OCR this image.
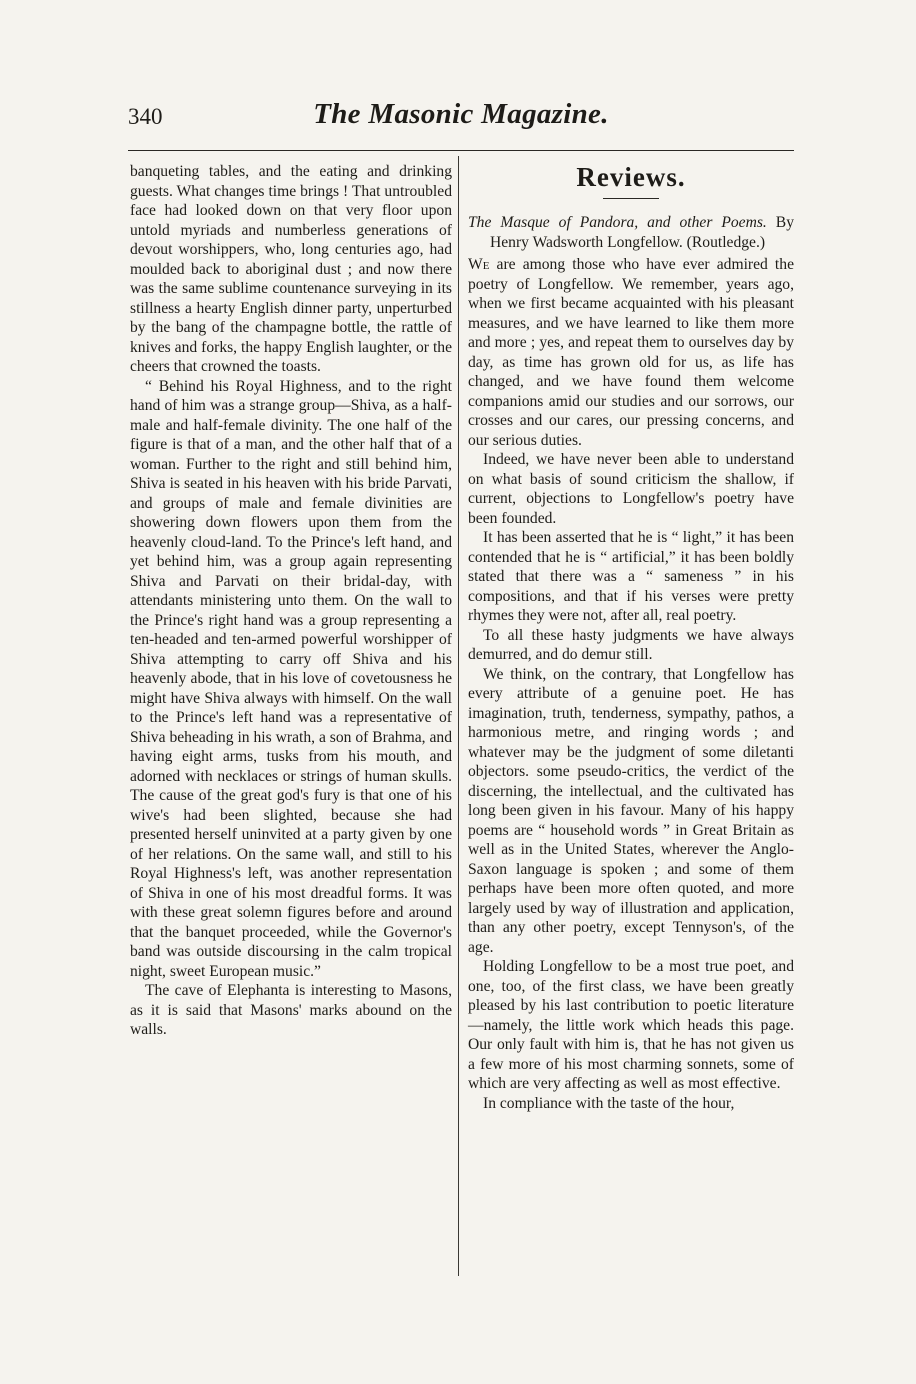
340	The Masonic Magazine.

banqueting tables, and the eating and drinking guests. What changes time brings ! That untroubled face had looked down on that very floor upon untold myriads and numberless generations of devout worshippers, who, long centuries ago, had moulded back to aboriginal dust ; and now there was the same sublime countenance surveying in its stillness a hearty English dinner party, unperturbed by the bang of the champagne bottle, the rattle of knives and forks, the happy English laughter, or the cheers that crowned the toasts.

“ Behind his Royal Highness, and to the right hand of him was a strange group—Shiva, as a half-male and half-female divinity. The one half of the figure is that of a man, and the other half that of a woman. Further to the right and still behind him, Shiva is seated in his heaven with his bride Parvati, and groups of male and female divinities are showering down flowers upon them from the heavenly cloud-land. To the Prince's left hand, and yet behind him, was a group again representing Shiva and Parvati on their bridal-day, with attendants ministering unto them. On the wall to the Prince's right hand was a group representing a ten-headed and ten-armed powerful worshipper of Shiva attempting to carry off Shiva and his heavenly abode, that in his love of covetousness he might have Shiva always with himself. On the wall to the Prince's left hand was a representative of Shiva beheading in his wrath, a son of Brahma, and having eight arms, tusks from his mouth, and adorned with necklaces or strings of human skulls. The cause of the great god's fury is that one of his wive's had been slighted, because she had presented herself uninvited at a party given by one of her relations. On the same wall, and still to his Royal Highness's left, was another representation of Shiva in one of his most dreadful forms. It was with these great solemn figures before and around that the banquet proceeded, while the Governor's band was outside discoursing in the calm tropical night, sweet European music.”

The cave of Elephanta is interesting to Masons, as it is said that Masons' marks abound on the walls.

Reviews.

The Masque of Pandora, and other Poems. By Henry Wadsworth Longfellow. (Routledge.)

We are among those who have ever admired the poetry of Longfellow. We remember, years ago, when we first became acquainted with his pleasant measures, and we have learned to like them more and more ; yes, and repeat them to ourselves day by day, as time has grown old for us, as life has changed, and we have found them welcome companions amid our studies and our sorrows, our crosses and our cares, our pressing concerns, and our serious duties.

Indeed, we have never been able to understand on what basis of sound criticism the shallow, if current, objections to Longfellow's poetry have been founded.

It has been asserted that he is “ light,” it has been contended that he is “ artificial,” it has been boldly stated that there was a “ sameness ” in his compositions, and that if his verses were pretty rhymes they were not, after all, real poetry.

To all these hasty judgments we have always demurred, and do demur still.

We think, on the contrary, that Longfellow has every attribute of a genuine poet. He has imagination, truth, tenderness, sympathy, pathos, a harmonious metre, and ringing words ; and whatever may be the judgment of some diletanti objectors. some pseudo-critics, the verdict of the discerning, the intellectual, and the cultivated has long been given in his favour. Many of his happy poems are “ household words ” in Great Britain as well as in the United States, wherever the Anglo-Saxon language is spoken ; and some of them perhaps have been more often quoted, and more largely used by way of illustration and application, than any other poetry, except Tennyson's, of the age.

Holding Longfellow to be a most true poet, and one, too, of the first class, we have been greatly pleased by his last contribution to poetic literature—namely, the little work which heads this page. Our only fault with him is, that he has not given us a few more of his most charming sonnets, some of which are very affecting as well as most effective.

In compliance with the taste of the hour,
